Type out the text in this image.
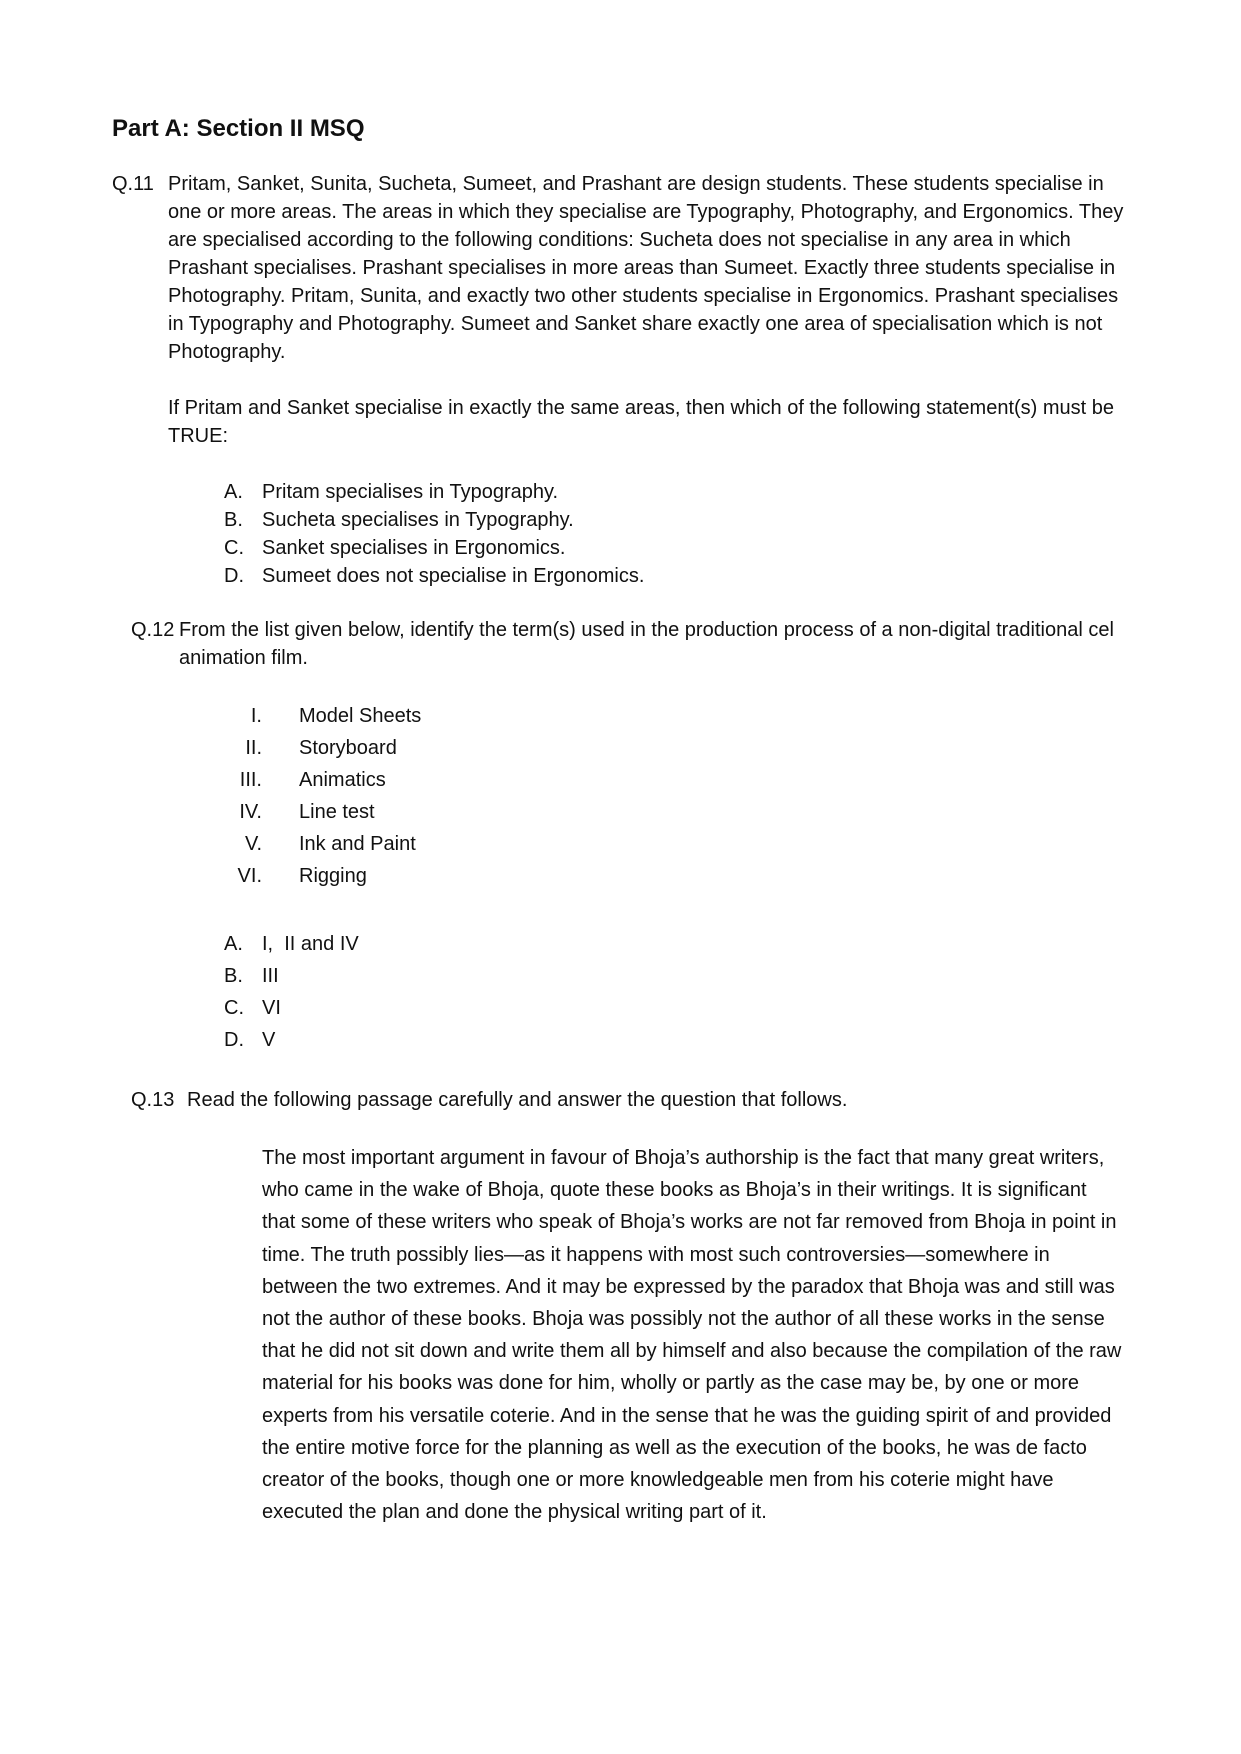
Part A: Section II MSQ
Q.11 Pritam, Sanket, Sunita, Sucheta, Sumeet, and Prashant are design students. These students specialise in one or more areas. The areas in which they specialise are Typography, Photography, and Ergonomics. They are specialised according to the following conditions: Sucheta does not specialise in any area in which Prashant specialises. Prashant specialises in more areas than Sumeet. Exactly three students specialise in Photography. Pritam, Sunita, and exactly two other students specialise in Ergonomics. Prashant specialises in Typography and Photography. Sumeet and Sanket share exactly one area of specialisation which is not Photography.
If Pritam and Sanket specialise in exactly the same areas, then which of the following statement(s) must be TRUE:
A. Pritam specialises in Typography.
B. Sucheta specialises in Typography.
C. Sanket specialises in Ergonomics.
D. Sumeet does not specialise in Ergonomics.
Q.12 From the list given below, identify the term(s) used in the production process of a non-digital traditional cel animation film.
I. Model Sheets
II. Storyboard
III. Animatics
IV. Line test
V. Ink and Paint
VI. Rigging
A. I,  II and IV
B. III
C. VI
D. V
Q.13 Read the following passage carefully and answer the question that follows.
The most important argument in favour of Bhoja’s authorship is the fact that many great writers, who came in the wake of Bhoja, quote these books as Bhoja’s in their writings. It is significant that some of these writers who speak of Bhoja’s works are not far removed from Bhoja in point in time. The truth possibly lies—as it happens with most such controversies—somewhere in between the two extremes. And it may be expressed by the paradox that Bhoja was and still was not the author of these books. Bhoja was possibly not the author of all these works in the sense that he did not sit down and write them all by himself and also because the compilation of the raw material for his books was done for him, wholly or partly as the case may be, by one or more experts from his versatile coterie. And in the sense that he was the guiding spirit of and provided the entire motive force for the planning as well as the execution of the books, he was de facto creator of the books, though one or more knowledgeable men from his coterie might have executed the plan and done the physical writing part of it.
